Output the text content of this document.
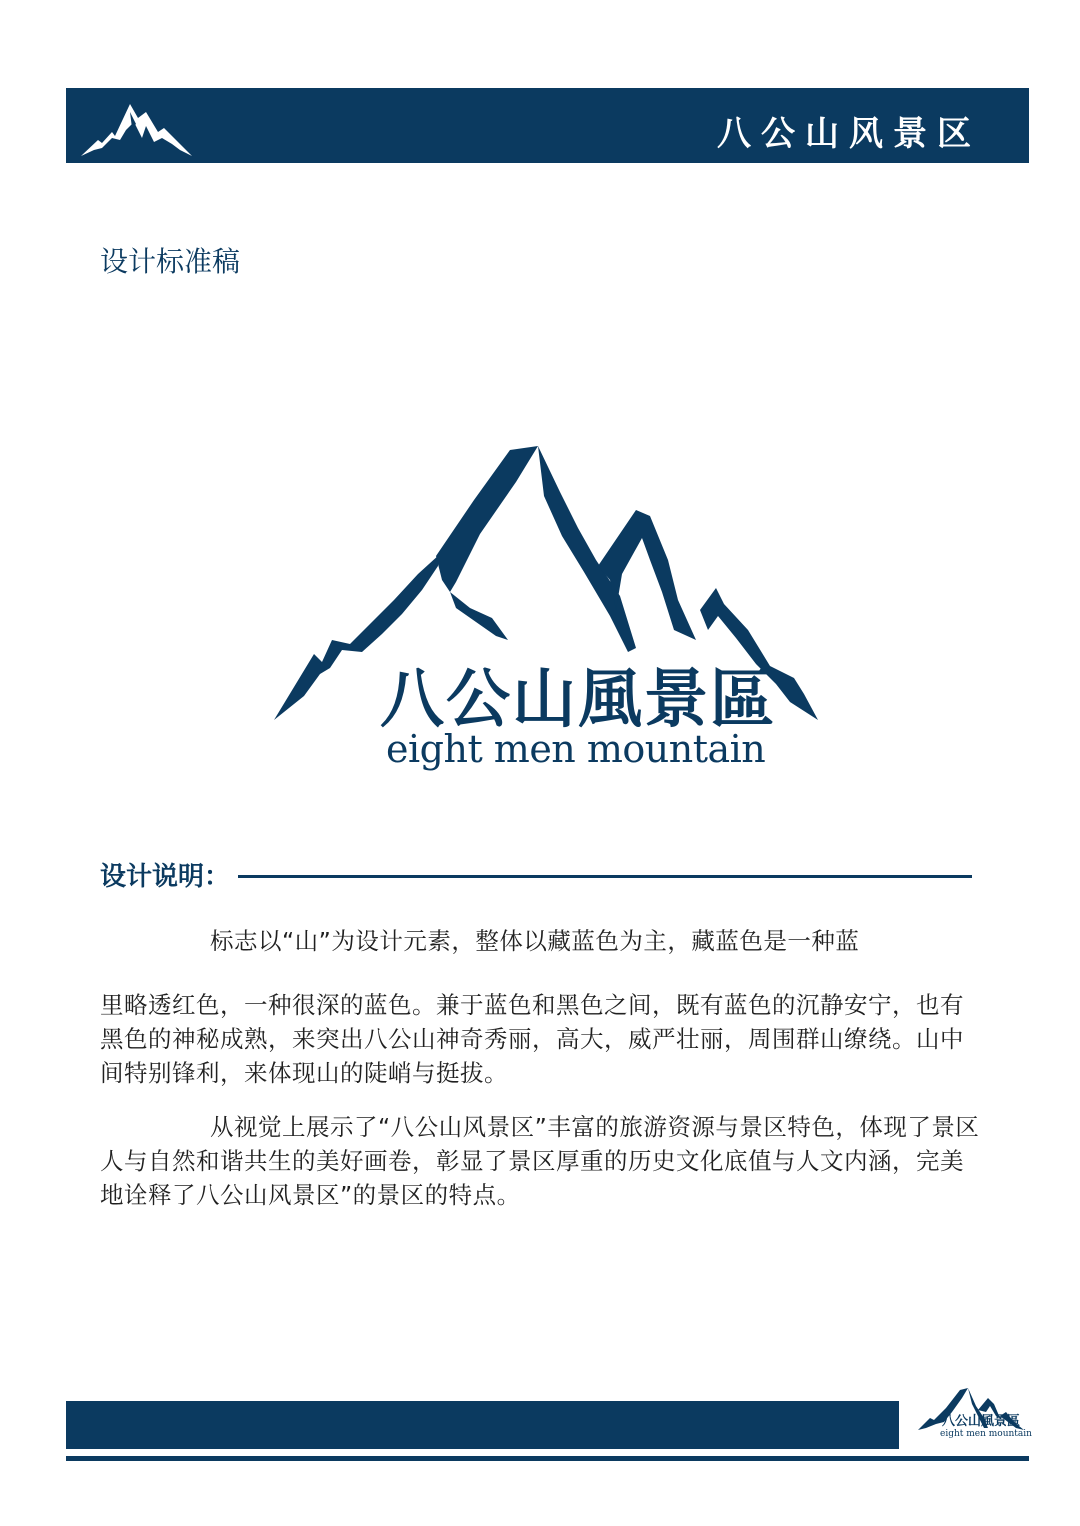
八公山风景区
设计标准稿
八公山風景區
eight men mountain
设计说明：
标志以“山”为设计元素，整体以藏蓝色为主，藏蓝色是一种蓝
里略透红色，一种很深的蓝色。兼于蓝色和黑色之间，既有蓝色的沉静安宁，也有黑色的神秘成熟，来突出八公山神奇秀丽，高大，威严壮丽，周围群山缭绕。山中间特别锋利，来体现山的陡峭与挺拔。
从视觉上展示了“八公山风景区”丰富的旅游资源与景区特色，体现了景区人与自然和谐共生的美好画卷，彰显了景区厚重的历史文化底值与人文内涵，完美地诠释了八公山风景区”的景区的特点。
八公山風景區
eight men mountain
